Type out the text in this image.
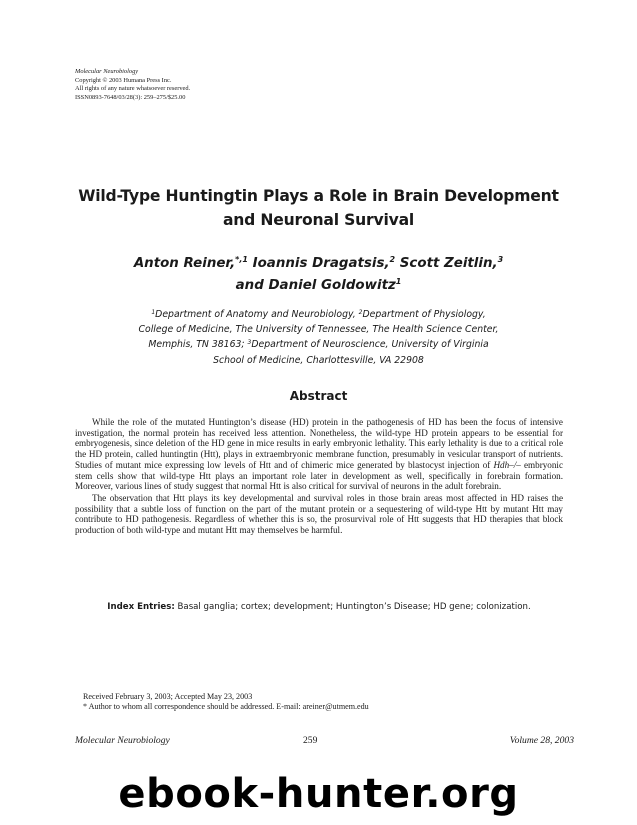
Molecular Neurobiology
Copyright © 2003 Humana Press Inc.
All rights of any nature whatsoever reserved.
ISSN0893-7648/03/28(3): 259–275/$25.00
Wild-Type Huntingtin Plays a Role in Brain Development
and Neuronal Survival
Anton Reiner,$^{*,1}$ Ioannis Dragatsis,$^2$ Scott Zeitlin,$^3$
and Daniel Goldowitz$^1$
$^1$Department of Anatomy and Neurobiology, $^2$Department of Physiology,
College of Medicine, The University of Tennessee, The Health Science Center,
Memphis, TN 38163; $^3$Department of Neuroscience, University of Virginia
School of Medicine, Charlottesville, VA 22908
Abstract

While the role of the mutated Huntington’s disease (HD) protein in the pathogenesis of HD has been the focus of intensive investigation, the normal protein has received less attention. Nonetheless, the wild-type HD protein appears to be essential for embryogenesis, since deletion of the HD gene in mice results in early embryonic lethality. This early lethality is due to a critical role the HD protein, called huntingtin (Htt), plays in extraembryonic membrane function, presumably in vesicular transport of nutrients. Studies of mutant mice expressing low levels of Htt and of chimeric mice generated by blastocyst injection of Hdh–/– embryonic stem cells show that wild-type Htt plays an important role later in development as well, specifically in forebrain formation. Moreover, various lines of study suggest that normal Htt is also critical for survival of neurons in the adult forebrain.

The observation that Htt plays its key developmental and survival roles in those brain areas most affected in HD raises the possibility that a subtle loss of function on the part of the mutant protein or a sequestering of wild-type Htt by mutant Htt may contribute to HD pathogenesis. Regardless of whether this is so, the prosurvival role of Htt suggests that HD therapies that block production of both wild-type and mutant Htt may themselves be harmful.

Index Entries: Basal ganglia; cortex; development; Huntington’s Disease; HD gene; colonization.
Received February 3, 2003; Accepted May 23, 2003
* Author to whom all correspondence should be addressed. E-mail: areiner@utmem.edu
Molecular Neurobiology	259	Volume 28, 2003
ebook-hunter.org
